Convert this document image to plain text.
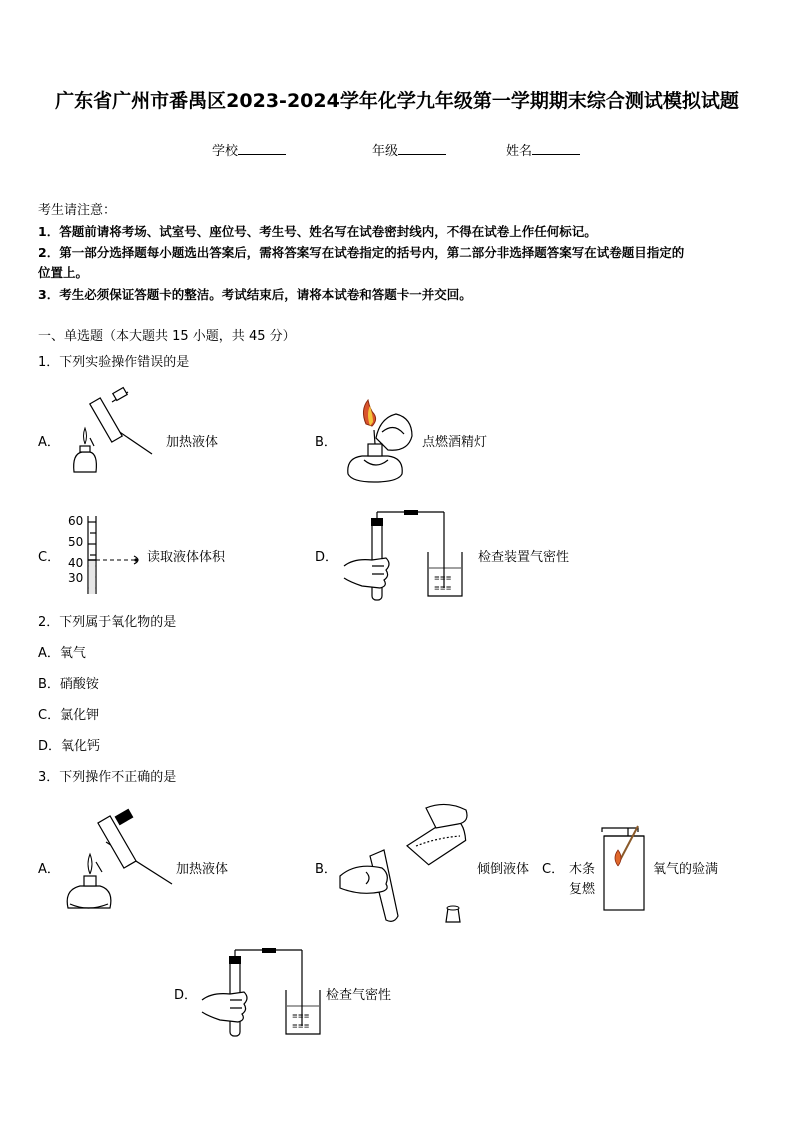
广东省广州市番禺区2023-2024学年化学九年级第一学期期末综合测试模拟试题
学校	年级	姓名
考生请注意：
1．答题前请将考场、试室号、座位号、考生号、姓名写在试卷密封线内，不得在试卷上作任何标记。
2．第一部分选择题每小题选出答案后，需将答案写在试卷指定的括号内，第二部分非选择题答案写在试卷题目指定的
位置上。
3．考生必须保证答题卡的整洁。考试结束后，请将本试卷和答题卡一并交回。
一、单选题（本大题共 15 小题，共 45 分）
1．下列实验操作错误的是
A．	加热液体	B．	点燃酒精灯
C．
60
50
40
30
读取液体体积	D．
≡≡≡
≡≡≡
检查装置气密性
2．下列属于氧化物的是
A．氧气
B．硝酸铵
C．氯化钾
D．氧化钙
3．下列操作不正确的是
A．	加热液体	B．	倾倒液体 C． 木条
复燃
氧气的验满
D．
≡≡≡
≡≡≡
检查气密性
